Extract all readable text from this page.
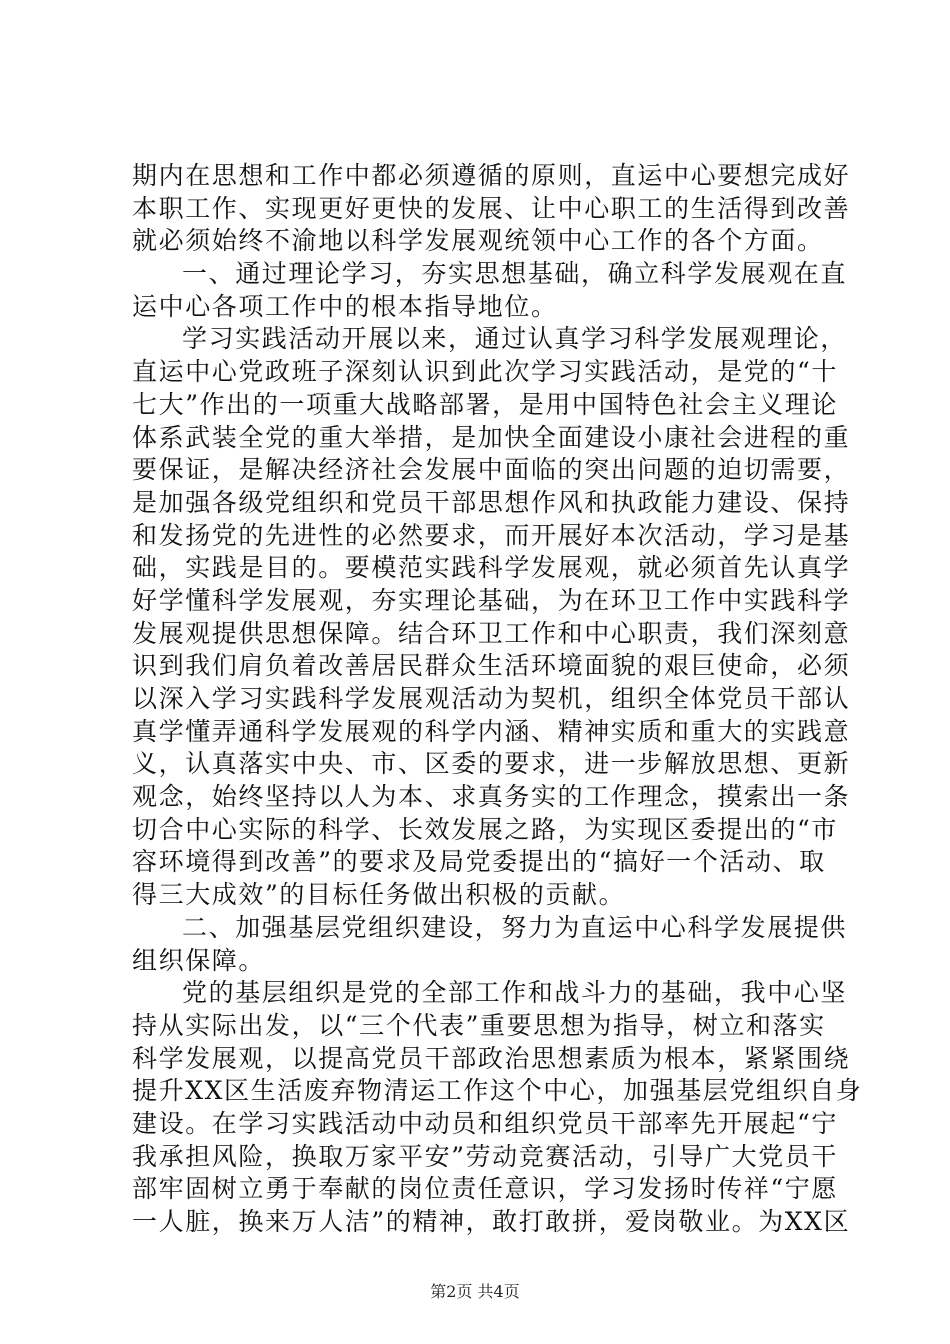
期内在思想和工作中都必须遵循的原则，直运中心要想完成好
本职工作、实现更好更快的发展、让中心职工的生活得到改善
就必须始终不渝地以科学发展观统领中心工作的各个方面。
一、通过理论学习，夯实思想基础，确立科学发展观在直
运中心各项工作中的根本指导地位。
学习实践活动开展以来，通过认真学习科学发展观理论，
直运中心党政班子深刻认识到此次学习实践活动，是党的“十
七大”作出的一项重大战略部署，是用中国特色社会主义理论
体系武装全党的重大举措，是加快全面建设小康社会进程的重
要保证，是解决经济社会发展中面临的突出问题的迫切需要，
是加强各级党组织和党员干部思想作风和执政能力建设、保持
和发扬党的先进性的必然要求，而开展好本次活动，学习是基
础，实践是目的。要模范实践科学发展观，就必须首先认真学
好学懂科学发展观，夯实理论基础，为在环卫工作中实践科学
发展观提供思想保障。结合环卫工作和中心职责，我们深刻意
识到我们肩负着改善居民群众生活环境面貌的艰巨使命，必须
以深入学习实践科学发展观活动为契机，组织全体党员干部认
真学懂弄通科学发展观的科学内涵、精神实质和重大的实践意
义，认真落实中央、市、区委的要求，进一步解放思想、更新
观念，始终坚持以人为本、求真务实的工作理念，摸索出一条
切合中心实际的科学、长效发展之路，为实现区委提出的“市
容环境得到改善”的要求及局党委提出的“搞好一个活动、取
得三大成效”的目标任务做出积极的贡献。
二、加强基层党组织建设，努力为直运中心科学发展提供
组织保障。
党的基层组织是党的全部工作和战斗力的基础，我中心坚
持从实际出发，以“三个代表”重要思想为指导，树立和落实
科学发展观，以提高党员干部政治思想素质为根本，紧紧围绕
提升XX区生活废弃物清运工作这个中心，加强基层党组织自身
建设。在学习实践活动中动员和组织党员干部率先开展起“宁
我承担风险，换取万家平安”劳动竞赛活动，引导广大党员干
部牢固树立勇于奉献的岗位责任意识，学习发扬时传祥“宁愿
一人脏，换来万人洁”的精神，敢打敢拼，爱岗敬业。为XX区
第2页 共4页
